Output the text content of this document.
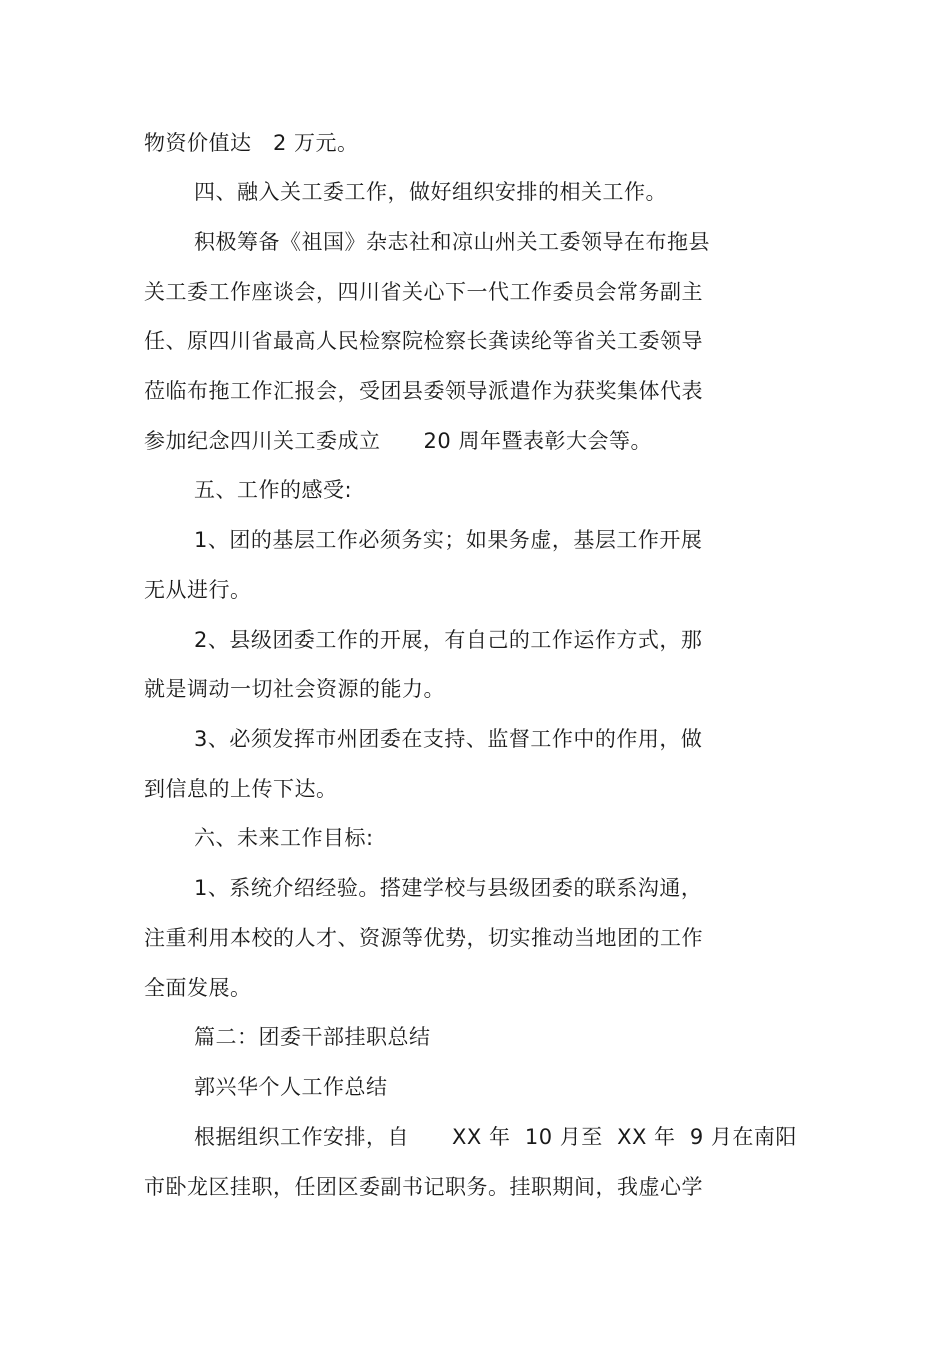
物资价值达   2 万元。

四、融入关工委工作，做好组织安排的相关工作。

积极筹备《祖国》杂志社和凉山州关工委领导在布拖县

关工委工作座谈会，四川省关心下一代工作委员会常务副主

任、原四川省最高人民检察院检察长龚读纶等省关工委领导

莅临布拖工作汇报会，受团县委领导派遣作为获奖集体代表

参加纪念四川关工委成立      20 周年暨表彰大会等。

五、工作的感受:

1、团的基层工作必须务实；如果务虚，基层工作开展

无从进行。

2、县级团委工作的开展，有自己的工作运作方式，那

就是调动一切社会资源的能力。

3、必须发挥市州团委在支持、监督工作中的作用，做

到信息的上传下达。

六、未来工作目标:

1、系统介绍经验。搭建学校与县级团委的联系沟通，

注重利用本校的人才、资源等优势，切实推动当地团的工作

全面发展。

篇二：团委干部挂职总结

郭兴华个人工作总结

根据组织工作安排，自      XX 年  10 月至  XX 年  9 月在南阳

市卧龙区挂职，任团区委副书记职务。挂职期间，我虚心学
